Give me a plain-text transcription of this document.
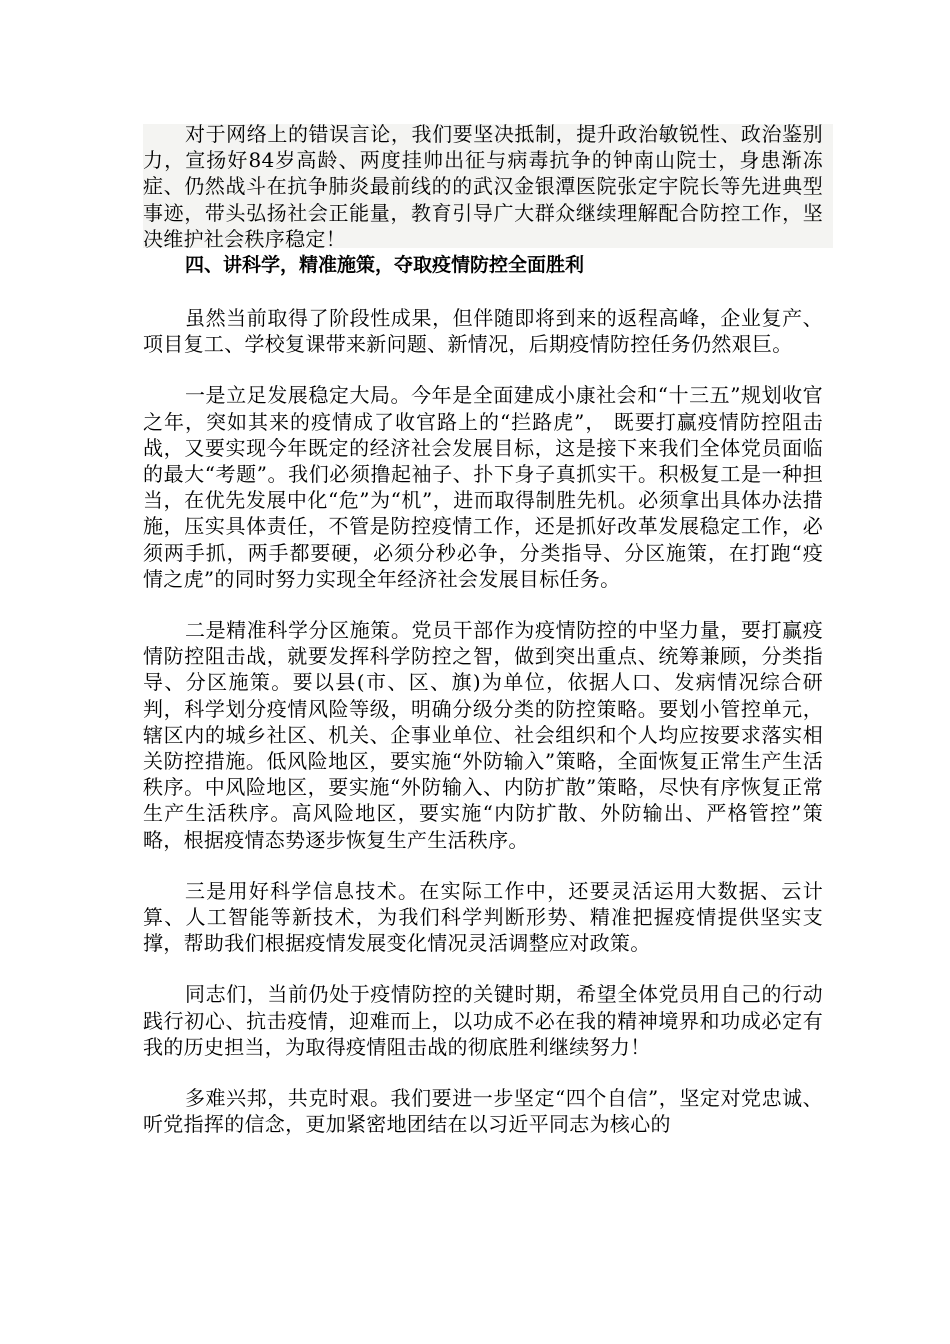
对于网络上的错误言论，我们要坚决抵制，提升政治敏锐性、政治鉴别力，宣扬好84岁高龄、两度挂帅出征与病毒抗争的钟南山院士，身患渐冻症、仍然战斗在抗争肺炎最前线的的武汉金银潭医院张定宇院长等先进典型事迹，带头弘扬社会正能量，教育引导广大群众继续理解配合防控工作，坚决维护社会秩序稳定！

四、讲科学，精准施策，夺取疫情防控全面胜利

虽然当前取得了阶段性成果，但伴随即将到来的返程高峰，企业复产、项目复工、学校复课带来新问题、新情况，后期疫情防控任务仍然艰巨。

一是立足发展稳定大局。今年是全面建成小康社会和“十三五”规划收官之年，突如其来的疫情成了收官路上的“拦路虎”， 既要打赢疫情防控阻击战，又要实现今年既定的经济社会发展目标，这是接下来我们全体党员面临的最大“考题”。我们必须撸起袖子、扑下身子真抓实干。积极复工是一种担当，在优先发展中化“危”为“机”，进而取得制胜先机。必须拿出具体办法措施，压实具体责任，不管是防控疫情工作，还是抓好改革发展稳定工作，必须两手抓，两手都要硬，必须分秒必争，分类指导、分区施策，在打跑“疫情之虎”的同时努力实现全年经济社会发展目标任务。

二是精准科学分区施策。党员干部作为疫情防控的中坚力量，要打赢疫情防控阻击战，就要发挥科学防控之智，做到突出重点、统筹兼顾，分类指导、分区施策。要以县(市、区、旗)为单位，依据人口、发病情况综合研判，科学划分疫情风险等级，明确分级分类的防控策略。要划小管控单元，辖区内的城乡社区、机关、企事业单位、社会组织和个人均应按要求落实相关防控措施。低风险地区，要实施“外防输入”策略，全面恢复正常生产生活秩序。中风险地区，要实施“外防输入、内防扩散”策略，尽快有序恢复正常生产生活秩序。高风险地区，要实施“内防扩散、外防输出、严格管控”策略，根据疫情态势逐步恢复生产生活秩序。

三是用好科学信息技术。在实际工作中，还要灵活运用大数据、云计算、人工智能等新技术，为我们科学判断形势、精准把握疫情提供坚实支撑，帮助我们根据疫情发展变化情况灵活调整应对政策。

同志们，当前仍处于疫情防控的关键时期，希望全体党员用自己的行动践行初心、抗击疫情，迎难而上，以功成不必在我的精神境界和功成必定有我的历史担当，为取得疫情阻击战的彻底胜利继续努力！

多难兴邦，共克时艰。我们要进一步坚定“四个自信”，坚定对党忠诚、听党指挥的信念，更加紧密地团结在以习近平同志为核心的
